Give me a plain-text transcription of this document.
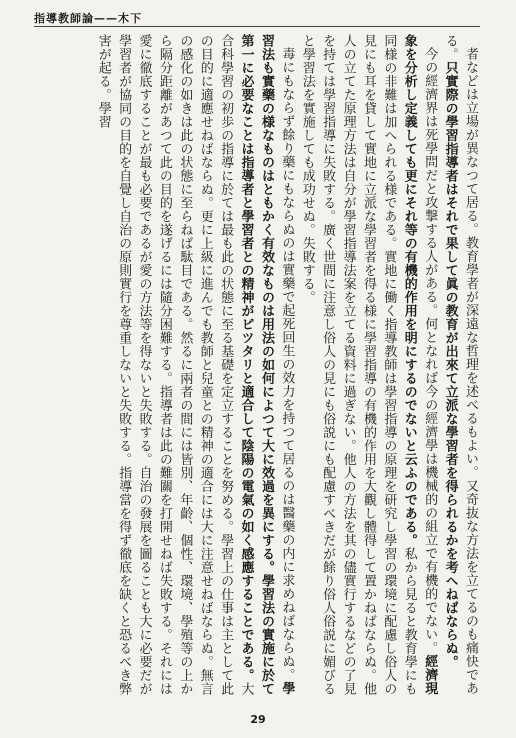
指導教師論——木下

者などは立場が異なつて居る。教育學者が深遠な哲理を述べるもよい。又奇抜な方法を立てるのも痛快である。只實際の學習指導者はそれで果して眞の教育が出來て立派な學習者を得られるかを考へねばならぬ。

今の經濟界は死學問だと攻撃する人がある。何となれば今の經濟學は機械的の組立で有機的でない。經濟現象を分析し定義しても更にそれ等の有機的作用を明にするのでないと云ふのである。私から見ると教育學にも同様の非難は加へられる様である。實地に働く指導教師は學習指導の原理を研究し學習の環境に配慮し俗人の見にも耳を貸して實地に立派な學習者を得る様に學習指導の有機的作用を大觀し體得して置かねばならぬ。他人の立てた原理方法は自分が學習指導法案を立てる資料に過ぎない。他人の方法を其の儘實行するなどの了見を持ては學習指導に失敗する。廣く世間に注意し俗人の見にも俗説にも配慮すべきだが餘り俗人俗説に媚びると學習法を實施しても成功せぬ。失敗する。

毒にもならず餘り藥にもならぬのは實藥で起死回生の效力を持つて居るのは醫藥の内に求めねばならぬ。學習法も實藥の様なものはともかく有效なものは用法の如何によつて大に效過を異にする。學習法の實施に於て第一に必要なことは指導者と學習者との精神がピツタリと適合して陰陽の電氣の如く感應することである。大合科學習の初歩の指導に於ては最も此の状態に至る基礎を定立することを努める。學習上の仕事は主として此の目的に適應せねばならぬ。更に上級に進んでも教師と兒童との精神の適合には大に注意せねばならぬ。無言の感化の如きは此の状態に至らねば駄目である。然るに兩者の間には皆別、年齡、個性、環境、學殖等の上から隔分距離があつて此の目的を遂げるには隨分困難する。指導者は此の難關を打開せねば失敗する。それには愛に徹底することが最も必要であるが愛の方法等を得ないと失敗する。自治の發展を圖ることも大に必要だが學習者が協同の目的を自覺し自治の原則實行を尊重しないと失敗する。指導當を得ず徹底を缺くと恐るべき弊害が起る。學習

29
